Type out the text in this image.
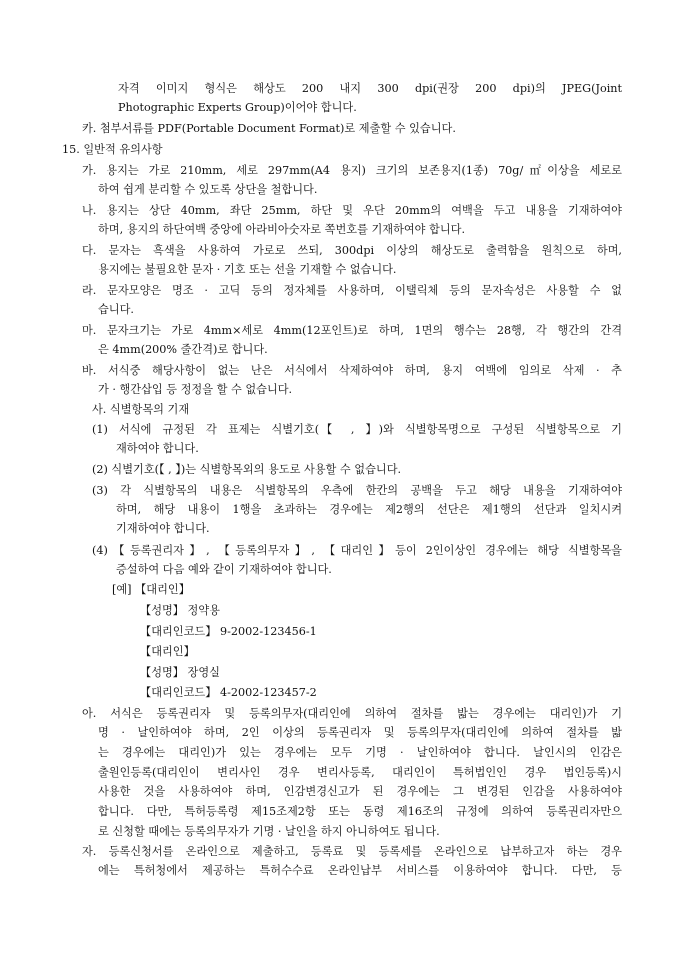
자격 이미지 형식은 해상도 200 내지 300 dpi(권장 200 dpi)의 JPEG(Joint
Photographic Experts Group)이어야 합니다.
카. 첨부서류를 PDF(Portable Document Format)로 제출할 수 있습니다.
15. 일반적 유의사항
가. 용지는 가로 210mm, 세로 297mm(A4 용지) 크기의 보존용지(1종) 70g/㎡이상을 세로로
하여 쉽게 분리할 수 있도록 상단을 철합니다.
나. 용지는 상단 40mm, 좌단 25mm, 하단 및 우단 20mm의 여백을 두고 내용을 기재하여야
하며, 용지의 하단여백 중앙에 아라비아숫자로 쪽번호를 기재하여야 합니다.
다. 문자는 흑색을 사용하여 가로로 쓰되, 300dpi 이상의 해상도로 출력함을 원칙으로 하며,
용지에는 불필요한 문자 · 기호 또는 선을 기재할 수 없습니다.
라. 문자모양은 명조 · 고딕 등의 정자체를 사용하며, 이탤릭체 등의 문자속성은 사용할 수 없
습니다.
마. 문자크기는 가로 4mm×세로 4mm(12포인트)로 하며, 1면의 행수는 28행, 각 행간의 간격
은 4mm(200% 줄간격)로 합니다.
바. 서식중 해당사항이 없는 난은 서식에서 삭제하여야 하며, 용지 여백에 임의로 삭제 · 추
가 · 행간삽입 등 정정을 할 수 없습니다.
사. 식별항목의 기재
(1) 서식에 규정된 각 표제는 식별기호(【 , 】)와 식별항목명으로 구성된 식별항목으로 기
재하여야 합니다.
(2) 식별기호(【 , 】)는 식별항목외의 용도로 사용할 수 없습니다.
(3) 각 식별항목의 내용은 식별항목의 우측에 한칸의 공백을 두고 해당 내용을 기재하여야
하며, 해당 내용이 1행을 초과하는 경우에는 제2행의 선단은 제1행의 선단과 일치시켜
기재하여야 합니다.
(4)【등록권리자】, 【등록의무자】, 【대리인】등이 2인이상인 경우에는 해당 식별항목을
증설하여 다음 예와 같이 기재하여야 합니다.
[예] 【대리인】
【성명】 정약용
【대리인코드】 9-2002-123456-1
【대리인】
【성명】 장영실
【대리인코드】 4-2002-123457-2
아. 서식은 등록권리자 및 등록의무자(대리인에 의하여 절차를 밟는 경우에는 대리인)가 기
명 · 날인하여야 하며, 2인 이상의 등록권리자 및 등록의무자(대리인에 의하여 절차를 밟
는 경우에는 대리인)가 있는 경우에는 모두 기명 · 날인하여야 합니다. 날인시의 인감은
출원인등록(대리인이 변리사인 경우 변리사등록, 대리인이 특허법인인 경우 법인등록)시
사용한 것을 사용하여야 하며, 인감변경신고가 된 경우에는 그 변경된 인감을 사용하여야
합니다. 다만, 특허등록령 제15조제2항 또는 동령 제16조의 규정에 의하여 등록권리자만으
로 신청할 때에는 등록의무자가 기명 · 날인을 하지 아니하여도 됩니다.
자. 등록신청서를 온라인으로 제출하고, 등록료 및 등록세를 온라인으로 납부하고자 하는 경우
에는 특허청에서 제공하는 특허수수료 온라인납부 서비스를 이용하여야 합니다. 다만, 등
